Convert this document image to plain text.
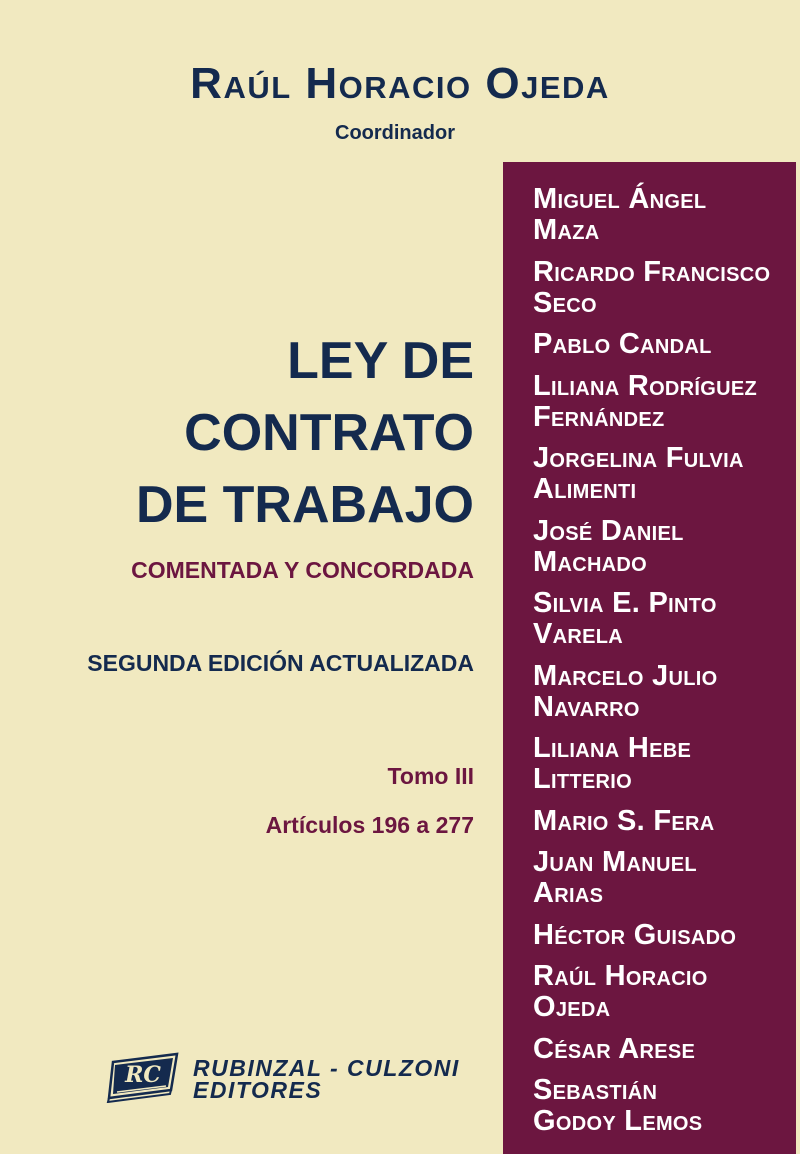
Raúl Horacio Ojeda

Coordinador

LEY DE
CONTRATO
DE TRABAJO

COMENTADA Y CONCORDADA

SEGUNDA EDICIÓN ACTUALIZADA

Tomo III

Artículos 196 a 277

Miguel Ángel
Maza
Ricardo Francisco
Seco
Pablo Candal
Liliana Rodríguez
Fernández
Jorgelina Fulvia
Alimenti
José Daniel
Machado
Silvia E. Pinto
Varela
Marcelo Julio
Navarro
Liliana Hebe
Litterio
Mario S. Fera
Juan Manuel
Arias
Héctor Guisado
Raúl Horacio
Ojeda
César Arese
Sebastián
Godoy Lemos
RC RUBINZAL - CULZONI
EDITORES
